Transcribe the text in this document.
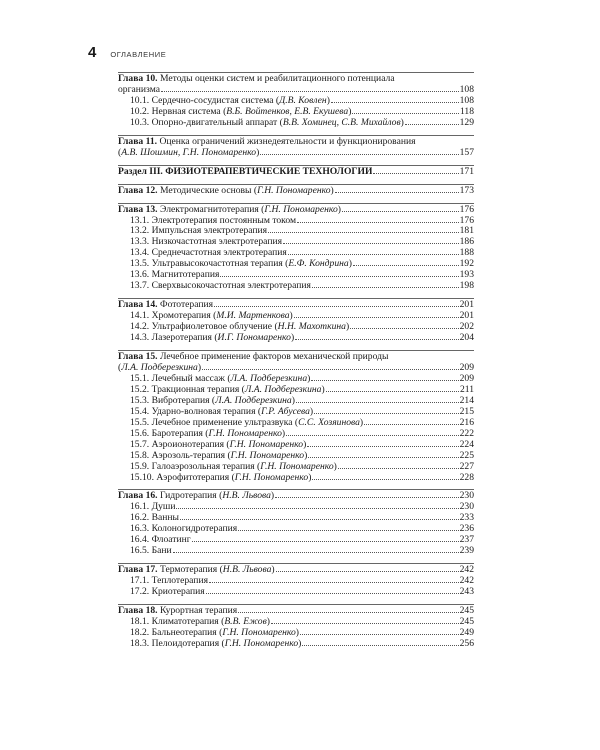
4 ОГЛАВЛЕНИЕ
Глава 10. Методы оценки систем и реабилитационного потенциала
организма	108
10.1. Сердечно-сосудистая система (Д.В. Ковлен)	108
10.2. Нервная система (В.Б. Войтенков, Е.В. Екушева)	118
10.3. Опорно-двигательный аппарат (В.В. Хоминец, С.В. Михайлов)	129
Глава 11. Оценка ограничений жизнедеятельности и функционирования
(А.В. Шошмин, Г.Н. Пономаренко)	157
Раздел III. ФИЗИОТЕРАПЕВТИЧЕСКИЕ ТЕХНОЛОГИИ	171
Глава 12. Методические основы (Г.Н. Пономаренко)	173
Глава 13. Электромагнитотерапия (Г.Н. Пономаренко)	176
13.1. Электротерапия постоянным током	176
13.2. Импульсная электротерапия	181
13.3. Низкочастотная электротерапия	186
13.4. Среднечастотная электротерапия	188
13.5. Ультравысокочастотная терапия (Е.Ф. Кондрина)	192
13.6. Магнитотерапия	193
13.7. Сверхвысокочастотная электротерапия	198
Глава 14. Фототерапия	201
14.1. Хромотерапия (М.И. Мартенкова)	201
14.2. Ультрафиолетовое облучение (Н.Н. Махоткина)	202
14.3. Лазеротерапия (И.Г. Пономаренко)	204
Глава 15. Лечебное применение факторов механической природы
(Л.А. Подберезкина)	209
15.1. Лечебный массаж (Л.А. Подберезкина)	209
15.2. Тракционная терапия (Л.А. Подберезкина)	211
15.3. Вибротерапия (Л.А. Подберезкина)	214
15.4. Ударно-волновая терапия (Г.Р. Абусева)	215
15.5. Лечебное применение ультразвука (С.С. Хозяинова)	216
15.6. Баротерапия (Г.Н. Пономаренко)	222
15.7. Аэроионотерапия (Г.Н. Пономаренко)	224
15.8. Аэрозоль-терапия (Г.Н. Пономаренко)	225
15.9. Галоаэрозольная терапия (Г.Н. Пономаренко)	227
15.10. Аэрофитотерапия (Г.Н. Пономаренко)	228
Глава 16. Гидротерапия (Н.В. Львова)	230
16.1. Души	230
16.2. Ванны	233
16.3. Колоногидротерапия	236
16.4. Флоатинг	237
16.5. Бани	239
Глава 17. Термотерапия (Н.В. Львова)	242
17.1. Теплотерапия	242
17.2. Криотерапия	243
Глава 18. Курортная терапия	245
18.1. Климатотерапия (В.В. Ежов)	245
18.2. Бальнеотерапия (Г.Н. Пономаренко)	249
18.3. Пелоидотерапия (Г.Н. Пономаренко)	256
